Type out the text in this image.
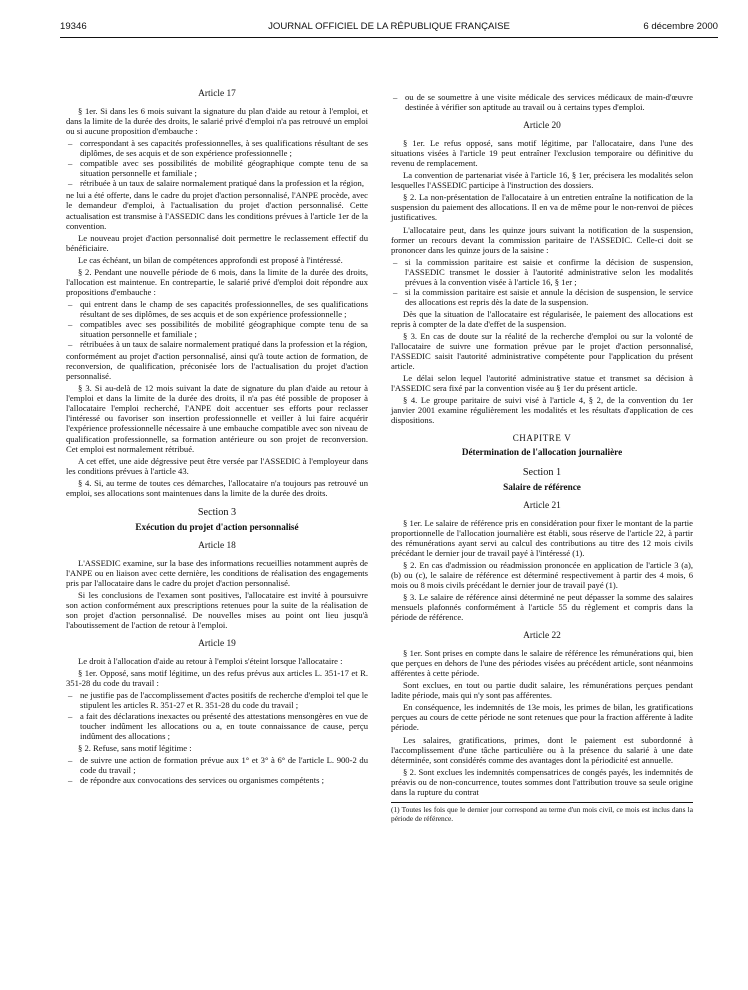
19346	JOURNAL OFFICIEL DE LA RÉPUBLIQUE FRANÇAISE	6 décembre 2000
Article 17

§ 1er. Si dans les 6 mois suivant la signature du plan d'aide au retour à l'emploi, et dans la limite de la durée des droits, le salarié privé d'emploi n'a pas retrouvé un emploi ou si aucune proposition d'embauche :

– correspondant à ses capacités professionnelles, à ses qualifications résultant de ses diplômes, de ses acquis et de son expérience professionnelle ;
– compatible avec ses possibilités de mobilité géographique compte tenu de sa situation personnelle et familiale ;
– rétribuée à un taux de salaire normalement pratiqué dans la profession et la région,

ne lui a été offerte, dans le cadre du projet d'action personnalisé, l'ANPE procède, avec le demandeur d'emploi, à l'actualisation du projet d'action personnalisé. Cette actualisation est transmise à l'ASSEDIC dans les conditions prévues à l'article 1er de la convention.

Le nouveau projet d'action personnalisé doit permettre le reclassement effectif du bénéficiaire.

Le cas échéant, un bilan de compétences approfondi est proposé à l'intéressé.

§ 2. Pendant une nouvelle période de 6 mois, dans la limite de la durée des droits, l'allocation est maintenue. En contrepartie, le salarié privé d'emploi doit répondre aux propositions d'embauche :

– qui entrent dans le champ de ses capacités professionnelles, de ses qualifications résultant de ses diplômes, de ses acquis et de son expérience professionnelle ;
– compatibles avec ses possibilités de mobilité géographique compte tenu de sa situation personnelle et familiale ;
– rétribuées à un taux de salaire normalement pratiqué dans la profession et la région,

conformément au projet d'action personnalisé, ainsi qu'à toute action de formation, de reconversion, de qualification, préconisée lors de l'actualisation du projet d'action personnalisé.

§ 3. Si au-delà de 12 mois suivant la date de signature du plan d'aide au retour à l'emploi et dans la limite de la durée des droits, il n'a pas été possible de proposer à l'allocataire l'emploi recherché, l'ANPE doit accentuer ses efforts pour reclasser l'intéressé ou favoriser son insertion professionnelle et veiller à lui faire acquérir l'expérience professionnelle nécessaire à une embauche compatible avec son niveau de qualification professionnelle, sa formation antérieure ou son projet de reconversion. Cet emploi est normalement rétribué.

A cet effet, une aide dégressive peut être versée par l'ASSEDIC à l'employeur dans les conditions prévues à l'article 43.

§ 4. Si, au terme de toutes ces démarches, l'allocataire n'a toujours pas retrouvé un emploi, ses allocations sont maintenues dans la limite de la durée des droits.

Section 3
Exécution du projet d'action personnalisé
Article 18

L'ASSEDIC examine, sur la base des informations recueillies notamment auprès de l'ANPE ou en liaison avec cette dernière, les conditions de réalisation des engagements pris par l'allocataire dans le cadre du projet d'action personnalisé.

Si les conclusions de l'examen sont positives, l'allocataire est invité à poursuivre son action conformément aux prescriptions retenues pour la suite de la réalisation de son projet d'action personnalisé. De nouvelles mises au point ont lieu jusqu'à l'aboutissement de l'action de retour à l'emploi.

Article 19

Le droit à l'allocation d'aide au retour à l'emploi s'éteint lorsque l'allocataire :

§ 1er. Opposé, sans motif légitime, un des refus prévus aux articles L. 351-17 et R. 351-28 du code du travail :

– ne justifie pas de l'accomplissement d'actes positifs de recherche d'emploi tel que le stipulent les articles R. 351-27 et R. 351-28 du code du travail ;
– a fait des déclarations inexactes ou présenté des attestations mensongères en vue de toucher indûment les allocations ou a, en toute connaissance de cause, perçu indûment des allocations ;

§ 2. Refuse, sans motif légitime :

– de suivre une action de formation prévue aux 1° et 3° à 6° de l'article L. 900-2 du code du travail ;
– de répondre aux convocations des services ou organismes compétents ;
– ou de se soumettre à une visite médicale des services médicaux de main-d'œuvre destinée à vérifier son aptitude au travail ou à certains types d'emploi.
Article 20

§ 1er. Le refus opposé, sans motif légitime, par l'allocataire, dans l'une des situations visées à l'article 19 peut entraîner l'exclusion temporaire ou définitive du revenu de remplacement.

La convention de partenariat visée à l'article 16, § 1er, précisera les modalités selon lesquelles l'ASSEDIC participe à l'instruction des dossiers.

§ 2. La non-présentation de l'allocataire à un entretien entraîne la notification de la suspension du paiement des allocations. Il en va de même pour le non-renvoi de pièces justificatives.

L'allocataire peut, dans les quinze jours suivant la notification de la suspension, former un recours devant la commission paritaire de l'ASSEDIC. Celle-ci doit se prononcer dans les quinze jours de la saisine :

– si la commission paritaire est saisie et confirme la décision de suspension, l'ASSEDIC transmet le dossier à l'autorité administrative selon les modalités prévues à la convention visée à l'article 16, § 1er ;
– si la commission paritaire est saisie et annule la décision de suspension, le service des allocations est repris dès la date de la suspension.

Dès que la situation de l'allocataire est régularisée, le paiement des allocations est repris à compter de la date d'effet de la suspension.

§ 3. En cas de doute sur la réalité de la recherche d'emploi ou sur la volonté de l'allocataire de suivre une formation prévue par le projet d'action personnalisé, l'ASSEDIC saisit l'autorité administrative compétente pour l'application du présent article.

Le délai selon lequel l'autorité administrative statue et transmet sa décision à l'ASSEDIC sera fixé par la convention visée au § 1er du présent article.

§ 4. Le groupe paritaire de suivi visé à l'article 4, § 2, de la convention du 1er janvier 2001 examine régulièrement les modalités et les résultats d'application de ces dispositions.

CHAPITRE V
Détermination de l'allocation journalière
Section 1
Salaire de référence
Article 21

§ 1er. Le salaire de référence pris en considération pour fixer le montant de la partie proportionnelle de l'allocation journalière est établi, sous réserve de l'article 22, à partir des rémunérations ayant servi au calcul des contributions au titre des 12 mois civils précédant le dernier jour de travail payé à l'intéressé (1).

§ 2. En cas d'admission ou réadmission prononcée en application de l'article 3 (a), (b) ou (c), le salaire de référence est déterminé respectivement à partir des 4 mois, 6 mois ou 8 mois civils précédant le dernier jour de travail payé (1).

§ 3. Le salaire de référence ainsi déterminé ne peut dépasser la somme des salaires mensuels plafonnés conformément à l'article 55 du règlement et compris dans la période de référence.

Article 22

§ 1er. Sont prises en compte dans le salaire de référence les rémunérations qui, bien que perçues en dehors de l'une des périodes visées au précédent article, sont néanmoins afférentes à cette période.

Sont exclues, en tout ou partie dudit salaire, les rémunérations perçues pendant ladite période, mais qui n'y sont pas afférentes.

En conséquence, les indemnités de 13e mois, les primes de bilan, les gratifications perçues au cours de cette période ne sont retenues que pour la fraction afférente à ladite période.

Les salaires, gratifications, primes, dont le paiement est subordonné à l'accomplissement d'une tâche particulière ou à la présence du salarié à une date déterminée, sont considérés comme des avantages dont la périodicité est annuelle.

§ 2. Sont exclues les indemnités compensatrices de congés payés, les indemnités de préavis ou de non-concurrence, toutes sommes dont l'attribution trouve sa seule origine dans la rupture du contrat

(1) Toutes les fois que le dernier jour correspond au terme d'un mois civil, ce mois est inclus dans la période de référence.
